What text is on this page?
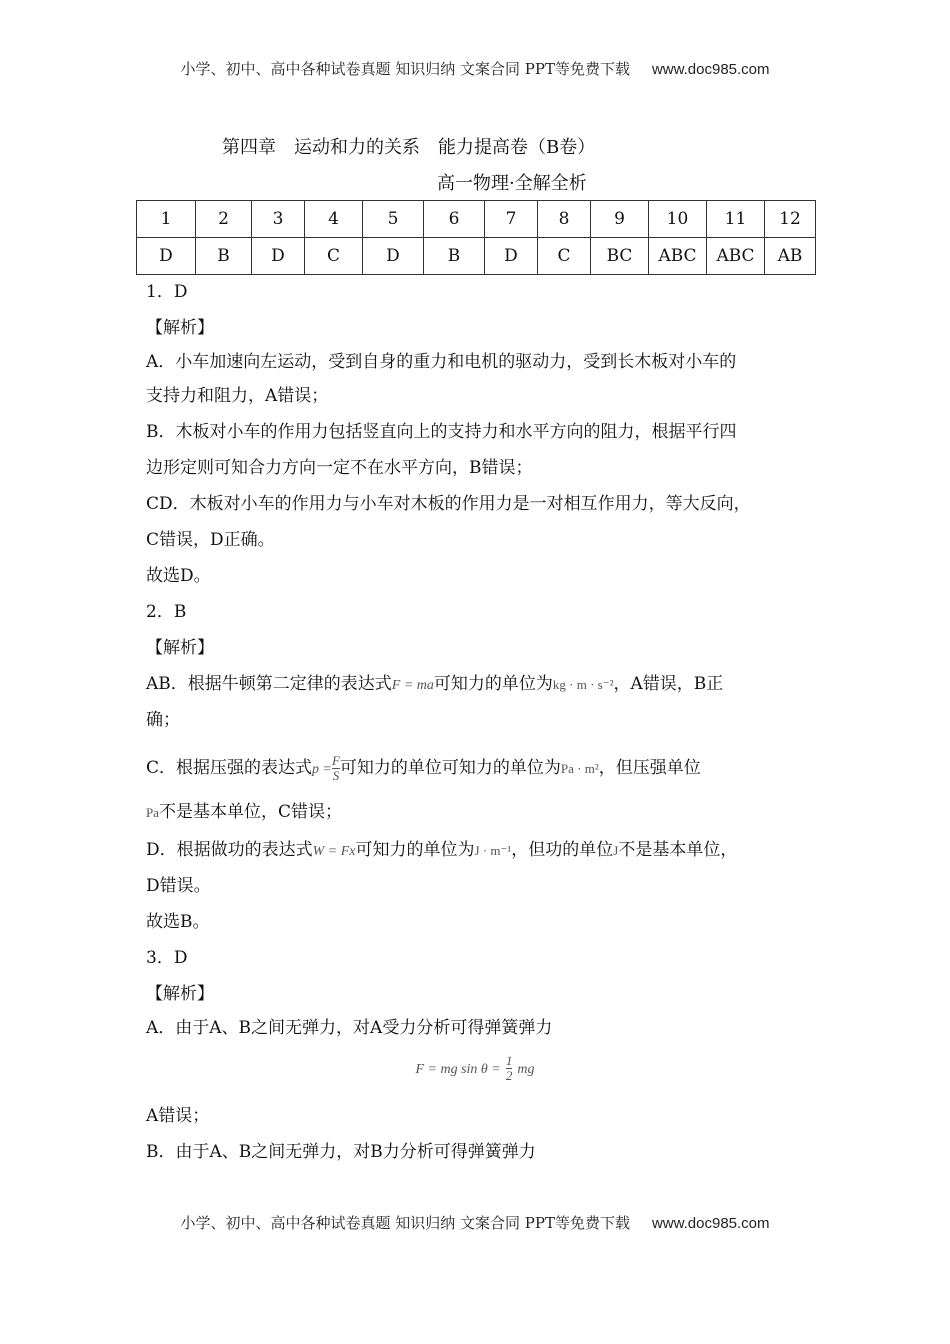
小学、初中、高中各种试卷真题 知识归纳 文案合同 PPT等免费下载 www.doc985.com
第四章　运动和力的关系　能力提高卷（B卷）
高一物理·全解全析
1	2	3	4	5	6	7	8	9	10	11	12
D	B	D	C	D	B	D	C	BC	ABC	ABC	AB
1．D
【解析】
A．小车加速向左运动，受到自身的重力和电机的驱动力，受到长木板对小车的
支持力和阻力，A错误；
B．木板对小车的作用力包括竖直向上的支持力和水平方向的阻力，根据平行四
边形定则可知合力方向一定不在水平方向，B错误；
CD．木板对小车的作用力与小车对木板的作用力是一对相互作用力，等大反向，
C错误，D正确。
故选D。
2．B
【解析】
AB．根据牛顿第二定律的表达式F = ma可知力的单位为kg · m · s⁻²，A错误，B正
确；
C．根据压强的表达式$p = \frac{F}{S}$ 可知力的单位可知力的单位为Pa · m²，但压强单位
Pa不是基本单位，C错误；
D．根据做功的表达式W = Fx可知力的单位为J · m⁻¹，但功的单位J不是基本单位，
D错误。
故选B。
3．D
【解析】
A．由于A、B之间无弹力，对A受力分析可得弹簧弹力
F = mg $\sin \theta = \frac{1}{2}$ mg
A错误；
B．由于A、B之间无弹力，对B力分析可得弹簧弹力
小学、初中、高中各种试卷真题 知识归纳 文案合同 PPT等免费下载 www.doc985.com
